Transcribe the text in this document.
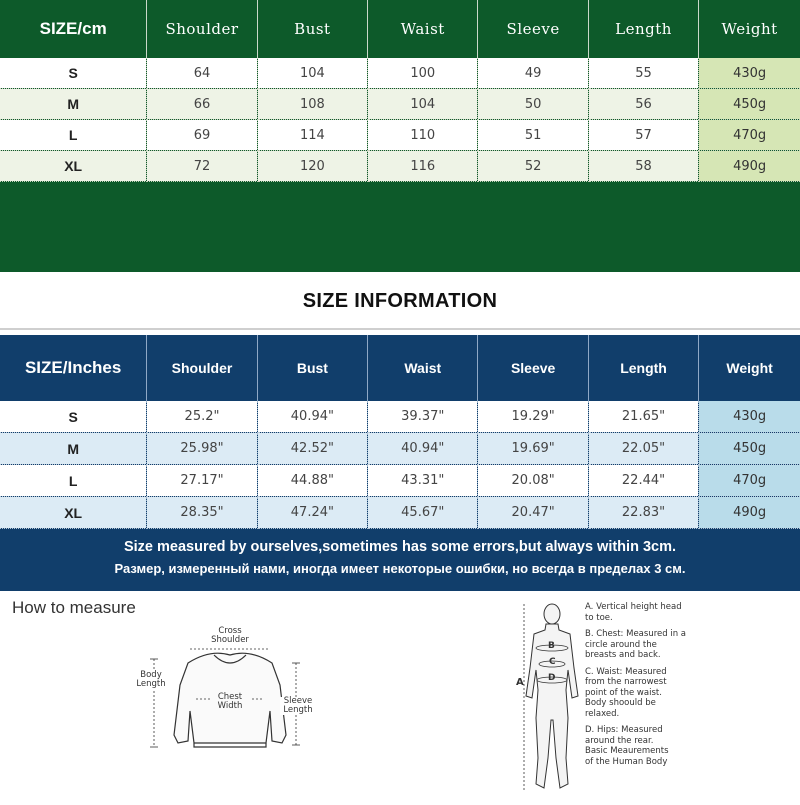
SIZE/cm	Shoulder	Bust	Waist	Sleeve	Length	Weight
S	64	104	100	49	55	430g
M	66	108	104	50	56	450g
L	69	114	110	51	57	470g
XL	72	120	116	52	58	490g
SIZE INFORMATION
SIZE/Inches	Shoulder	Bust	Waist	Sleeve	Length	Weight
S	25.2"	40.94"	39.37"	19.29"	21.65"	430g
M	25.98"	42.52"	40.94"	19.69"	22.05"	450g
L	27.17"	44.88"	43.31"	20.08"	22.44"	470g
XL	28.35"	47.24"	45.67"	20.47"	22.83"	490g
Size measured by ourselves,sometimes has some errors,but always within 3cm.
Размер, измеренный нами, иногда имеет некоторые ошибки, но всегда в пределах 3 см.
How to measure
Cross
Shoulder
Body
Length
Chest
Width	Sleeve
Length
A
B
C
D

A. Vertical height head
to toe.

B. Chest: Measured in a
circle around the
breasts and back.

C. Waist: Measured
from the narrowest
point of the waist.
Body shoould be
relaxed.

D. Hips: Measured
around the rear.
Basic Meaurements
of the Human Body
